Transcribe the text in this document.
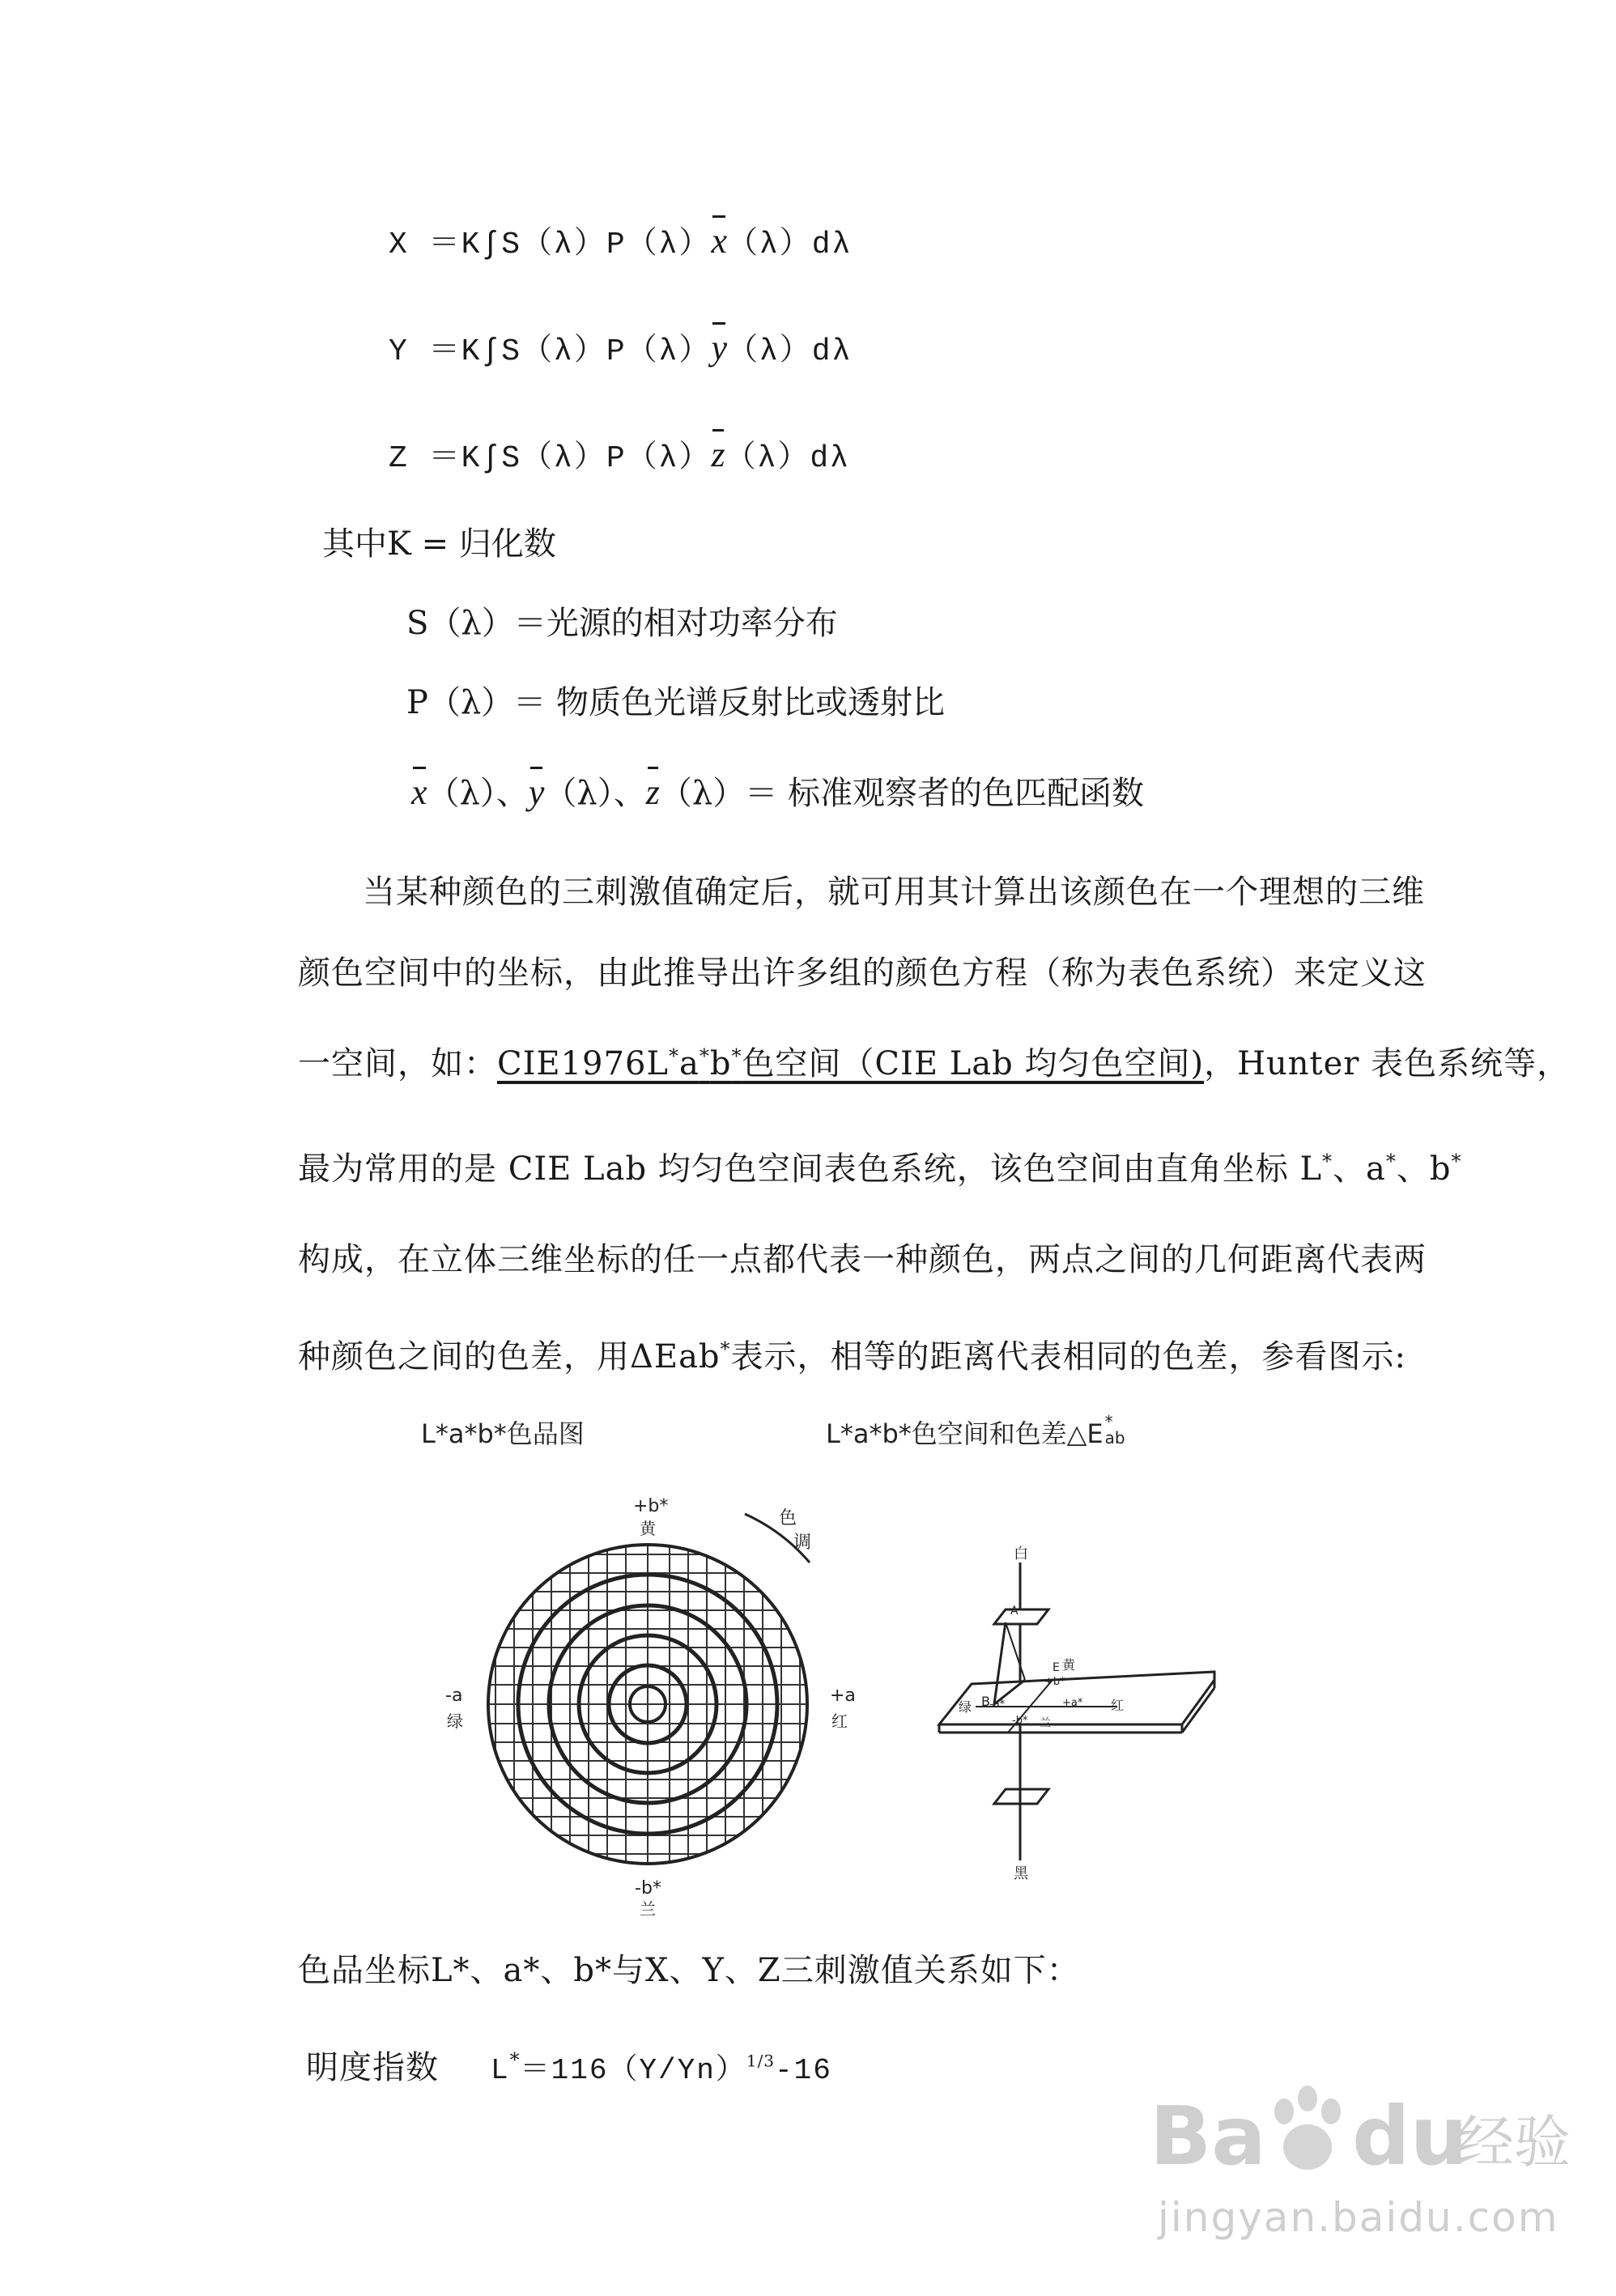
X ＝K∫S（λ）P（λ）x（λ）dλ
Y ＝K∫S（λ）P（λ）y（λ）dλ
Z ＝K∫S（λ）P（λ）z（λ）dλ
其中K = 归化数
S（λ）＝光源的相对功率分布
P（λ）＝ 物质色光谱反射比或透射比
x（λ）、y（λ）、z（λ）＝ 标准观察者的色匹配函数
当某种颜色的三刺激值确定后，就可用其计算出该颜色在一个理想的三维
颜色空间中的坐标，由此推导出许多组的颜色方程（称为表色系统）来定义这
一空间，如：CIE1976L*a*b*色空间（CIE Lab 均匀色空间)，Hunter 表色系统等，
最为常用的是 CIE Lab 均匀色空间表色系统，该色空间由直角坐标 L*、a*、b*
构成，在立体三维坐标的任一点都代表一种颜色，两点之间的几何距离代表两
种颜色之间的色差，用ΔEab*表示，相等的距离代表相同的色差，参看图示:
L*a*b*色品图	L*a*b*色空间和色差△E *
ab
+b*
黄	色
调
-a
绿
+a
红
-b*
兰
白
黑
A
B
E
绿 -a*	+a* 红
+b*
黄
-b* 兰
色品坐标L*、a*、b*与X、Y、Z三刺激值关系如下：
明度指数 $L^*=116(Y/Yn)^{1/3}-16$
Ba du
经验
jingyan.baidu.com
